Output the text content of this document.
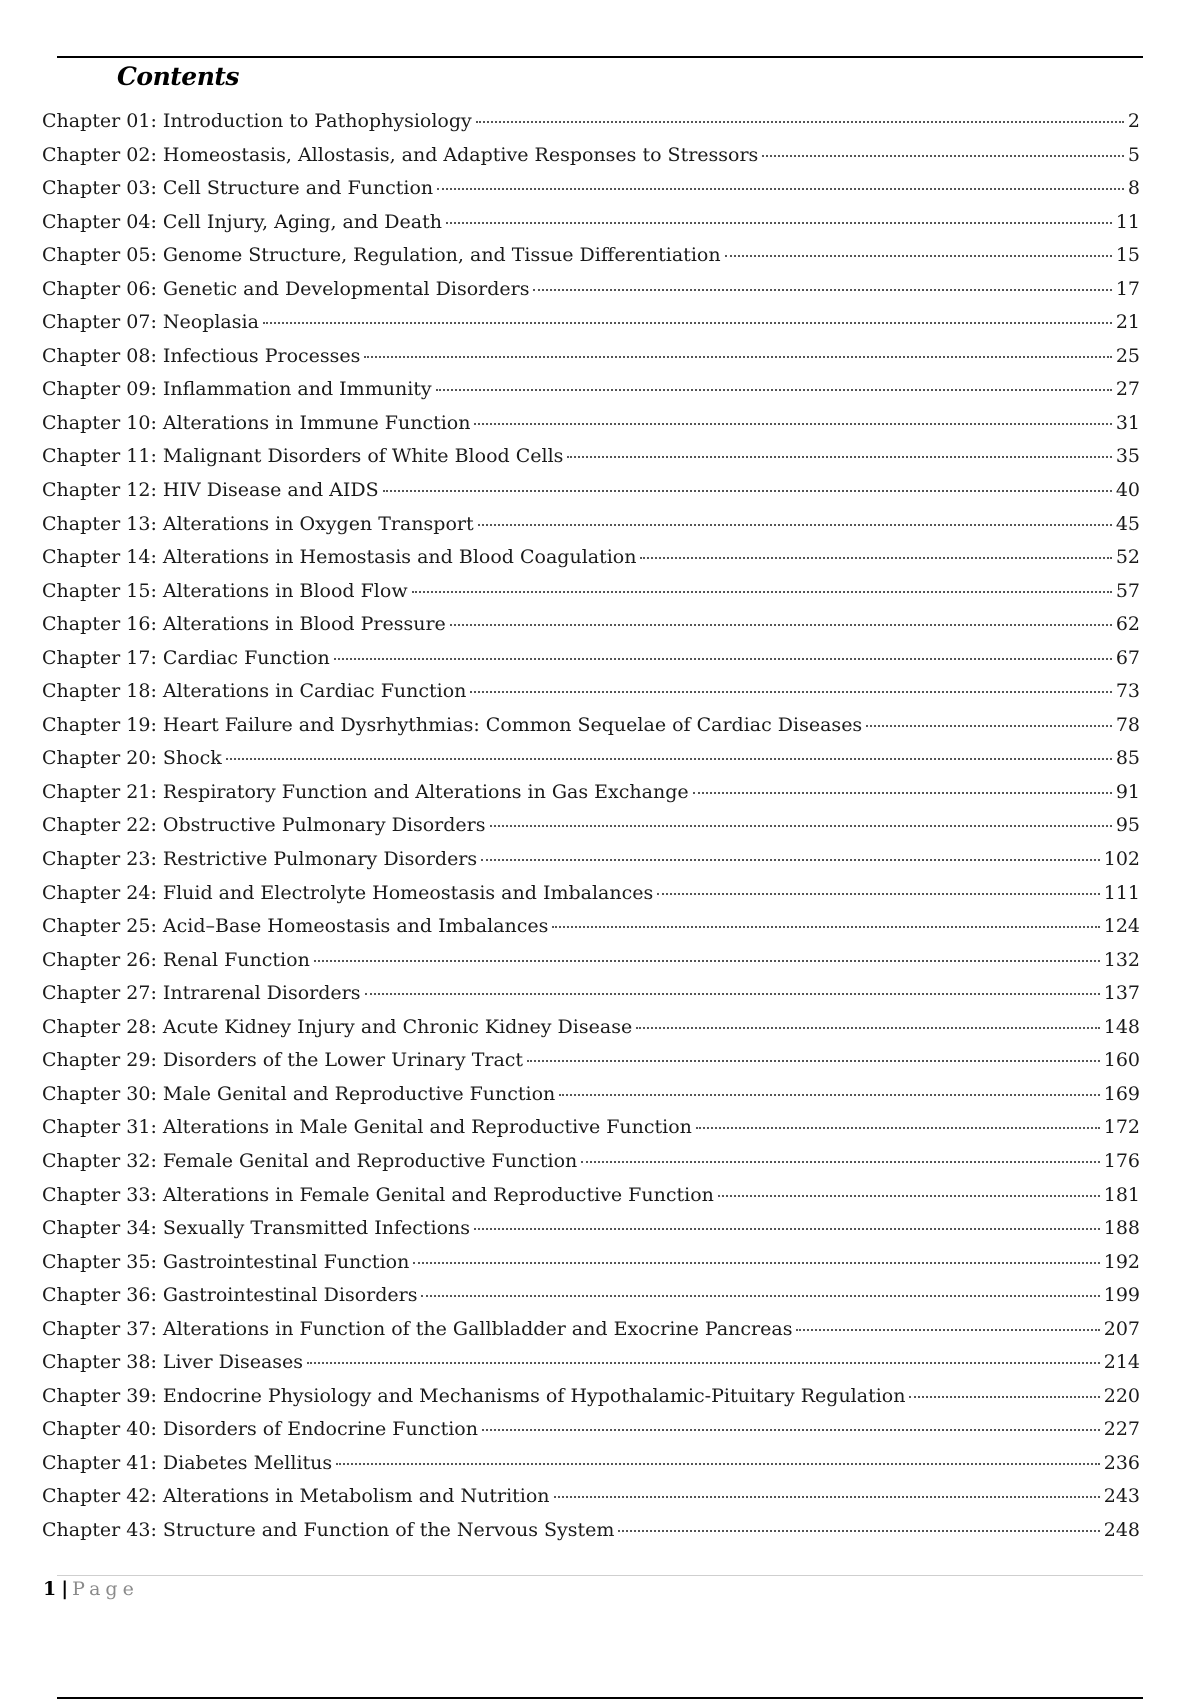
Contents
Chapter 01: Introduction to Pathophysiology	2
Chapter 02: Homeostasis, Allostasis, and Adaptive Responses to Stressors	5
Chapter 03: Cell Structure and Function	8
Chapter 04: Cell Injury, Aging, and Death	11
Chapter 05: Genome Structure, Regulation, and Tissue Differentiation	15
Chapter 06: Genetic and Developmental Disorders	17
Chapter 07: Neoplasia	21
Chapter 08: Infectious Processes	25
Chapter 09: Inflammation and Immunity	27
Chapter 10: Alterations in Immune Function	31
Chapter 11: Malignant Disorders of White Blood Cells	35
Chapter 12: HIV Disease and AIDS	40
Chapter 13: Alterations in Oxygen Transport	45
Chapter 14: Alterations in Hemostasis and Blood Coagulation	52
Chapter 15: Alterations in Blood Flow	57
Chapter 16: Alterations in Blood Pressure	62
Chapter 17: Cardiac Function	67
Chapter 18: Alterations in Cardiac Function	73
Chapter 19: Heart Failure and Dysrhythmias: Common Sequelae of Cardiac Diseases	78
Chapter 20: Shock	85
Chapter 21: Respiratory Function and Alterations in Gas Exchange	91
Chapter 22: Obstructive Pulmonary Disorders	95
Chapter 23: Restrictive Pulmonary Disorders	102
Chapter 24: Fluid and Electrolyte Homeostasis and Imbalances	111
Chapter 25: Acid–Base Homeostasis and Imbalances	124
Chapter 26: Renal Function	132
Chapter 27: Intrarenal Disorders	137
Chapter 28: Acute Kidney Injury and Chronic Kidney Disease	148
Chapter 29: Disorders of the Lower Urinary Tract	160
Chapter 30: Male Genital and Reproductive Function	169
Chapter 31: Alterations in Male Genital and Reproductive Function	172
Chapter 32: Female Genital and Reproductive Function	176
Chapter 33: Alterations in Female Genital and Reproductive Function	181
Chapter 34: Sexually Transmitted Infections	188
Chapter 35: Gastrointestinal Function	192
Chapter 36: Gastrointestinal Disorders	199
Chapter 37: Alterations in Function of the Gallbladder and Exocrine Pancreas	207
Chapter 38: Liver Diseases	214
Chapter 39: Endocrine Physiology and Mechanisms of Hypothalamic-Pituitary Regulation	220
Chapter 40: Disorders of Endocrine Function	227
Chapter 41: Diabetes Mellitus	236
Chapter 42: Alterations in Metabolism and Nutrition	243
Chapter 43: Structure and Function of the Nervous System	248
1 | Page
